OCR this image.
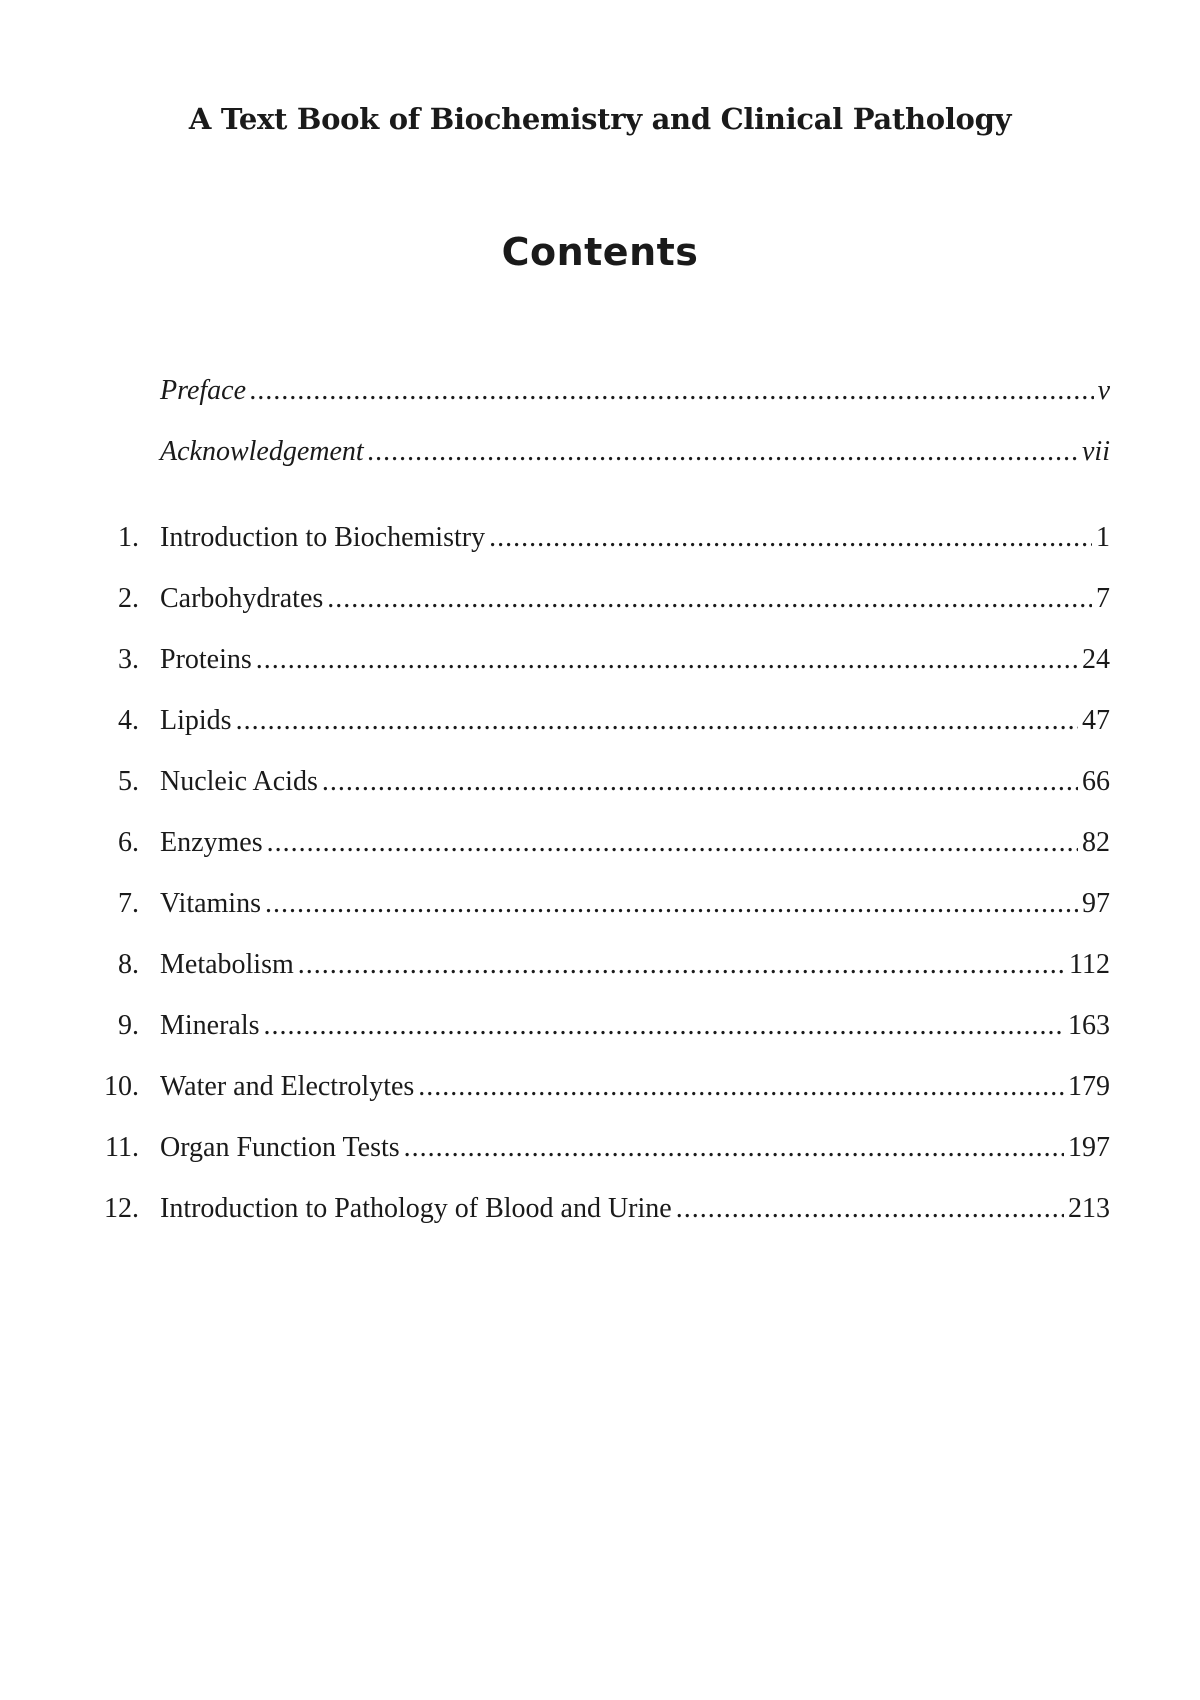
A Text Book of Biochemistry and Clinical Pathology
Contents
Preface .....	v
Acknowledgement .....	vii
1. Introduction to Biochemistry .....	1
2. Carbohydrates .....	7
3. Proteins .....	24
4. Lipids .....	47
5. Nucleic Acids .....	66
6. Enzymes .....	82
7. Vitamins .....	97
8. Metabolism .....	112
9. Minerals .....	163
10. Water and Electrolytes .....	179
11. Organ Function Tests .....	197
12. Introduction to Pathology of Blood and Urine .....	213
